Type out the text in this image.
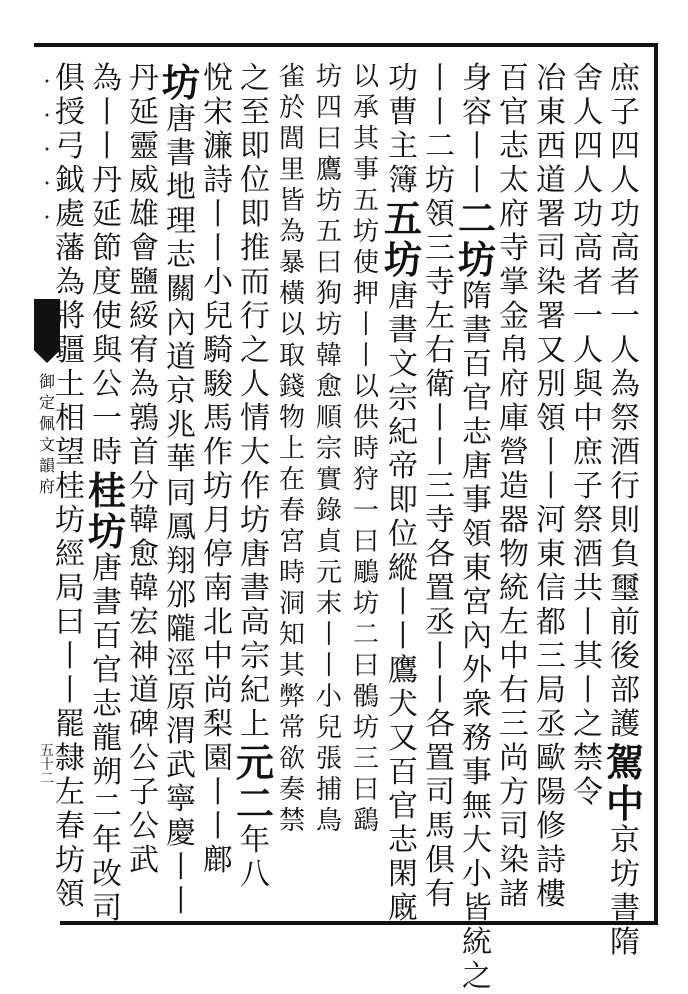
・ ・ ・ ・ ・
御定佩文韻府
五十二
庶
子
四
人
功
高
者
一
人
為
祭
酒
行
則
負
璽
前
後
部
護
駕
中
京
坊
書
隋
舍
人
四
人
功
高
者
一
人
與
中
庶
子
祭
酒
共
丨
其
丨
之
禁
令
冶
東
西
道
署
司
染
署
又
別
領
丨
丨
河
東
信
都
三
局
丞
歐
陽
修
詩
樓
百
官
志
太
府
寺
掌
金
帛
府
庫
營
造
器
物
統
左
中
右
三
尚
方
司
染
諸
身
容
丨
丨
二
坊
隋
書
百
官
志
唐
事
領
東
宮
內
外
衆
務
事
無
大
小
皆
統
之
丨
丨
二
坊
領
三
寺
左
右
衛
丨
丨
三
寺
各
置
丞
丨
丨
各
置
司
馬
俱
有
功
曹
主
簿
五
坊
唐
書
文
宗
紀
帝
即
位
縱
丨
丨
鷹
犬
又
百
官
志
閑
廐
以
承
其
事
五
坊
使
押
丨
丨
以
供
時
狩
一
曰
鵰
坊
二
曰
鶻
坊
三
曰
鷂
坊
四
曰
鷹
坊
五
曰
狗
坊
韓
愈
順
宗
實
錄
貞
元
末
丨
丨
小
兒
張
捕
鳥
雀
於
閭
里
皆
為
暴
橫
以
取
錢
物
上
在
春
宮
時
洞
知
其
弊
常
欲
奏
禁
之
至
即
位
即
推
而
行
之
人
情
大
作
坊
唐
書
高
宗
紀
上
元
二
年
八
悅
宋
濂
詩
丨
丨
小
兒
騎
駿
馬
作
坊
月
停
南
北
中
尚
梨
園
丨
丨
鄜
坊
唐
書
地
理
志
關
內
道
京
兆
華
同
鳳
翔
邠
隴
涇
原
渭
武
寧
慶
丨
丨
丹
延
靈
威
雄
會
鹽
綏
宥
為
鶉
首
分
韓
愈
韓
宏
神
道
碑
公
子
公
武
為
丨
丨
丹
延
節
度
使
與
公
一
時
桂
坊
唐
書
百
官
志
龍
朔
二
年
改
司
俱
授
弓
鉞
處
藩
為
將
疆
土
相
望
桂
坊
經
局
曰
丨
丨
罷
隸
左
春
坊
領
